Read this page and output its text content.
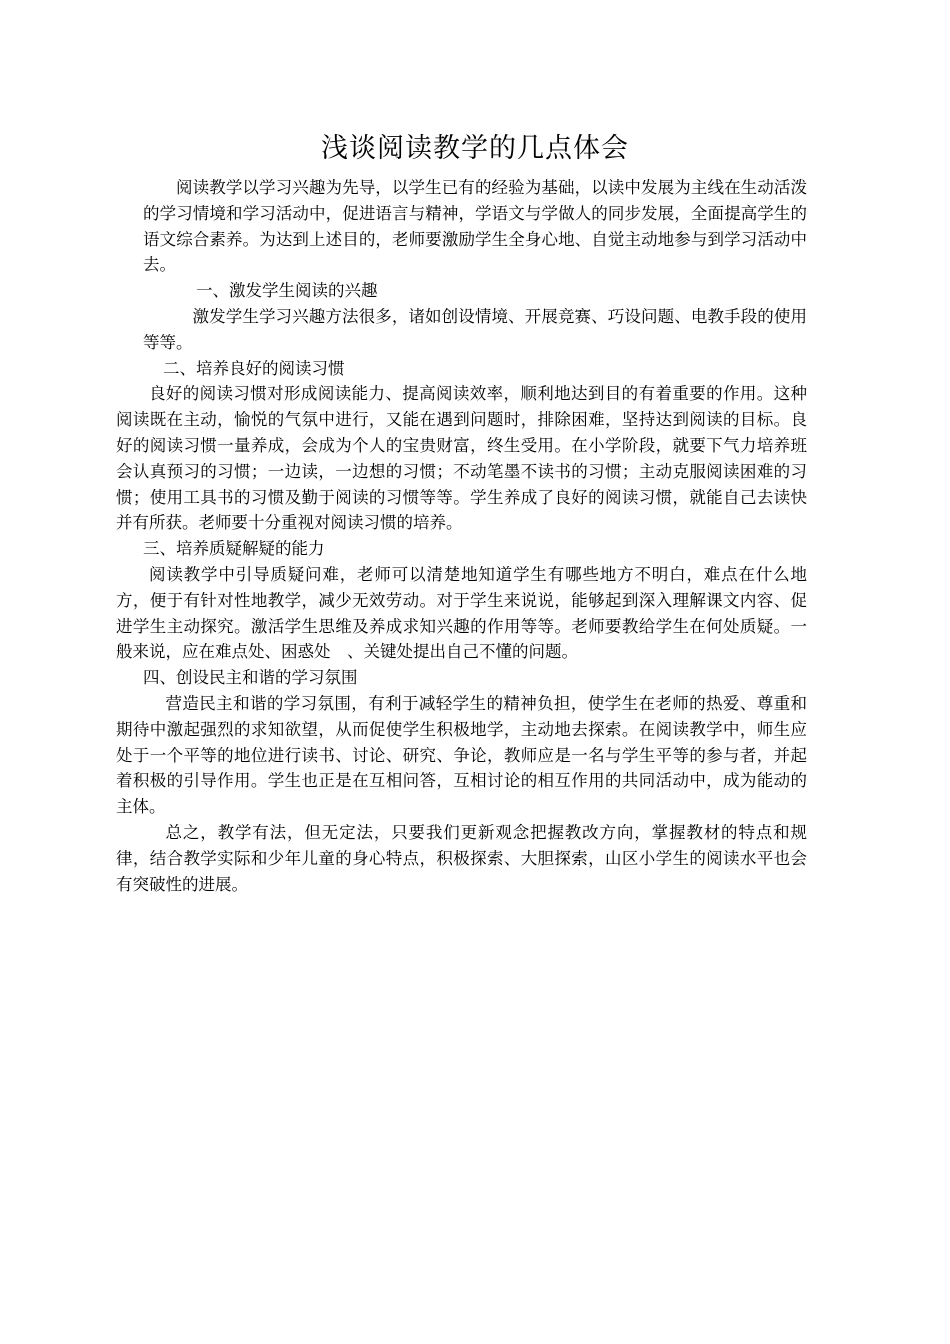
浅谈阅读教学的几点体会

阅读教学以学习兴趣为先导，以学生已有的经验为基础，以读中发展为主线在生动活泼的学习情境和学习活动中，促进语言与精神，学语文与学做人的同步发展，全面提高学生的语文综合素养。为达到上述目的，老师要激励学生全身心地、自觉主动地参与到学习活动中去。

一、激发学生阅读的兴趣

激发学生学习兴趣方法很多，诸如创设情境、开展竞赛、巧设问题、电教手段的使用等等。

二、培养良好的阅读习惯

良好的阅读习惯对形成阅读能力、提高阅读效率，顺利地达到目的有着重要的作用。这种阅读既在主动，愉悦的气氛中进行，又能在遇到问题时，排除困难，坚持达到阅读的目标。良好的阅读习惯一量养成，会成为个人的宝贵财富，终生受用。在小学阶段，就要下气力培养班会认真预习的习惯；一边读，一边想的习惯；不动笔墨不读书的习惯；主动克服阅读困难的习惯；使用工具书的习惯及勤于阅读的习惯等等。学生养成了良好的阅读习惯，就能自己去读快并有所获。老师要十分重视对阅读习惯的培养。

三、培养质疑解疑的能力

阅读教学中引导质疑问难，老师可以清楚地知道学生有哪些地方不明白，难点在什么地方，便于有针对性地教学，减少无效劳动。对于学生来说说，能够起到深入理解课文内容、促进学生主动探究。激活学生思维及养成求知兴趣的作用等等。老师要教给学生在何处质疑。一般来说，应在难点处、困惑处　、关键处提出自己不懂的问题。

四、创设民主和谐的学习氛围

营造民主和谐的学习氛围，有利于减轻学生的精神负担，使学生在老师的热爱、尊重和期待中激起强烈的求知欲望，从而促使学生积极地学，主动地去探索。在阅读教学中，师生应处于一个平等的地位进行读书、讨论、研究、争论，教师应是一名与学生平等的参与者，并起着积极的引导作用。学生也正是在互相问答，互相讨论的相互作用的共同活动中，成为能动的主体。

总之，教学有法，但无定法，只要我们更新观念把握教改方向，掌握教材的特点和规律，结合教学实际和少年儿童的身心特点，积极探索、大胆探索，山区小学生的阅读水平也会有突破性的进展。
